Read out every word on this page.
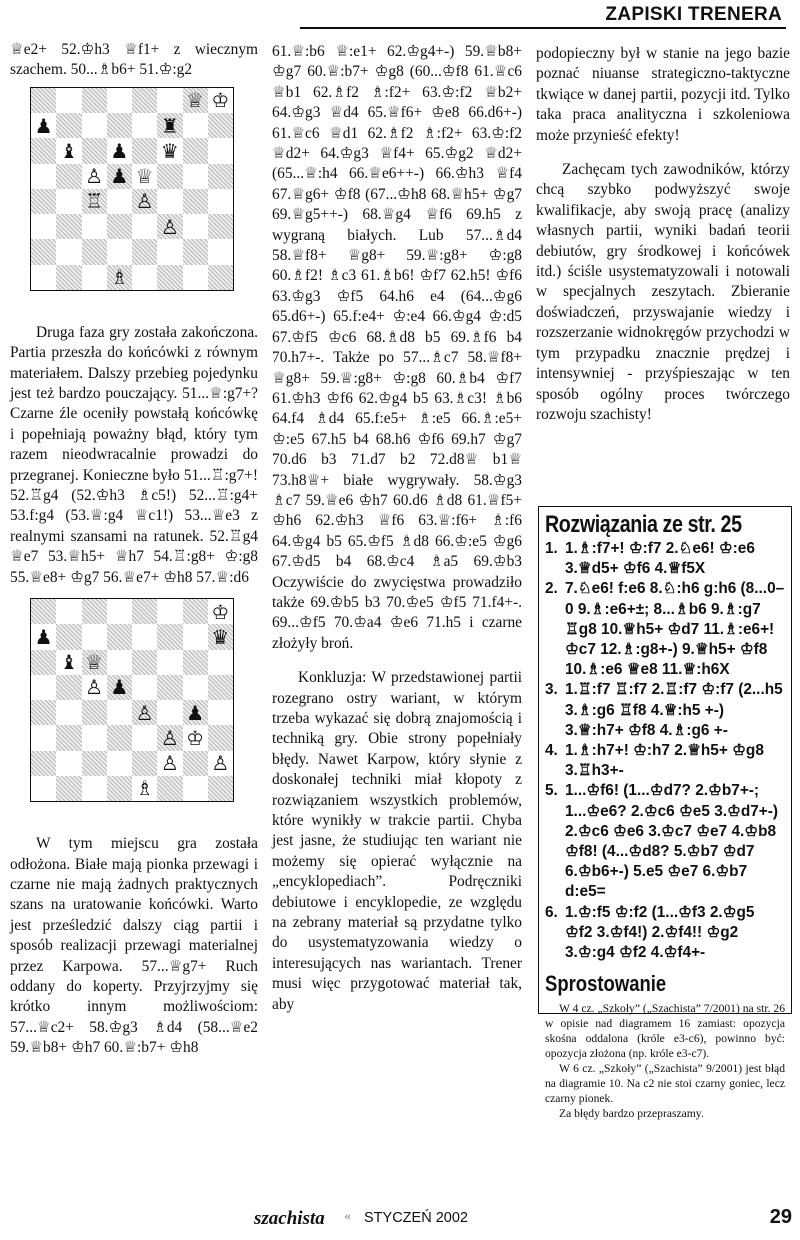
ZAPISKI TRENERA

♕e2+ 52.♔h3 ♕f1+ z wiecznym szachem. 50...♗b6+ 51.♔:g2

♕ ♔
♟	♜
♝ ♟ ♛
♙ ♟ ♕
♖ ♙
♙
♗

Druga faza gry została zakończona. Partia przeszła do końcówki z równym materiałem. Dalszy przebieg pojedynku jest też bardzo pouczający. 51...♕:g7+? Czarne źle oceniły powstałą końcówkę i popełniają poważny błąd, który tym razem nieodwracalnie prowadzi do przegranej. Konieczne było 51...♖:g7+! 52.♖g4 (52.♔h3 ♗c5!) 52...♖:g4+ 53.f:g4 (53.♕:g4 ♕c1!) 53...♕e3 z realnymi szansami na ratunek. 52.♖g4 ♕e7 53.♕h5+ ♕h7 54.♖:g8+ ♔:g8 55.♕e8+ ♔g7 56.♕e7+ ♔h8 57.♕:d6

♔
♟	♛
♝ ♕
♙ ♟
♙ ♟
♙ ♔
♙ ♙
♗

W tym miejscu gra została odłożona. Białe mają pionka przewagi i czarne nie mają żadnych praktycznych szans na uratowanie końcówki. Warto jest prześledzić dalszy ciąg partii i sposób realizacji przewagi materialnej przez Karpowa. 57...♕g7+ Ruch oddany do koperty. Przyjrzyjmy się krótko innym możliwościom: 57...♕c2+ 58.♔g3 ♗d4 (58...♕e2 59.♕b8+ ♔h7 60.♕:b7+ ♔h8

61.♕:b6 ♕:e1+ 62.♔g4+-) 59.♕b8+ ♔g7 60.♕:b7+ ♔g8 (60...♔f8 61.♕c6 ♕b1 62.♗f2 ♗:f2+ 63.♔:f2 ♕b2+ 64.♔g3 ♕d4 65.♕f6+ ♔e8 66.d6+-) 61.♕c6 ♕d1 62.♗f2 ♗:f2+ 63.♔:f2 ♕d2+ 64.♔g3 ♕f4+ 65.♔g2 ♕d2+ (65...♕:h4 66.♕e6++-) 66.♔h3 ♕f4 67.♕g6+ ♔f8 (67...♔h8 68.♕h5+ ♔g7 69.♕g5++-) 68.♕g4 ♕f6 69.h5 z wygraną białych. Lub 57...♗d4 58.♕f8+ ♕g8+ 59.♕:g8+ ♔:g8 60.♗f2! ♗c3 61.♗b6! ♔f7 62.h5! ♔f6 63.♔g3 ♔f5 64.h6 e4 (64...♔g6 65.d6+-) 65.f:e4+ ♔:e4 66.♔g4 ♔:d5 67.♔f5 ♔c6 68.♗d8 b5 69.♗f6 b4 70.h7+-. Także po 57...♗c7 58.♕f8+ ♕g8+ 59.♕:g8+ ♔:g8 60.♗b4 ♔f7 61.♔h3 ♔f6 62.♔g4 b5 63.♗c3! ♗b6 64.f4 ♗d4 65.f:e5+ ♗:e5 66.♗:e5+ ♔:e5 67.h5 b4 68.h6 ♔f6 69.h7 ♔g7 70.d6 b3 71.d7 b2 72.d8♕ b1♕ 73.h8♕+ białe wygrywały. 58.♔g3 ♗c7 59.♕e6 ♔h7 60.d6 ♗d8 61.♕f5+ ♔h6 62.♔h3 ♕f6 63.♕:f6+ ♗:f6 64.♔g4 b5 65.♔f5 ♗d8 66.♔:e5 ♔g6 67.♔d5 b4 68.♔c4 ♗a5 69.♔b3 Oczywiście do zwycięstwa prowadziło także 69.♔b5 b3 70.♔e5 ♔f5 71.f4+-. 69...♔f5 70.♔a4 ♔e6 71.h5 i czarne złożyły broń.

Konkluzja: W przedstawionej partii rozegrano ostry wariant, w którym trzeba wykazać się dobrą znajomością i techniką gry. Obie strony popełniały błędy. Nawet Karpow, który słynie z doskonałej techniki miał kłopoty z rozwiązaniem wszystkich problemów, które wynikły w trakcie partii. Chyba jest jasne, że studiując ten wariant nie możemy się opierać wyłącznie na „encyklopediach”. Podręczniki debiutowe i encyklopedie, ze względu na zebrany materiał są przydatne tylko do usystematyzowania wiedzy o interesujących nas wariantach. Trener musi więc przygotować materiał tak, aby

podopieczny był w stanie na jego bazie poznać niuanse strategiczno-taktyczne tkwiące w danej partii, pozycji itd. Tylko taka praca analityczna i szkoleniowa może przynieść efekty!

Zachęcam tych zawodników, którzy chcą szybko podwyższyć swoje kwalifikacje, aby swoją pracę (analizy własnych partii, wyniki badań teorii debiutów, gry środkowej i końcówek itd.) ściśle usystematyzowali i notowali w specjalnych zeszytach. Zbieranie doświadczeń, przyswajanie wiedzy i rozszerzanie widnokręgów przychodzi w tym przypadku znacznie prędzej i intensywniej - przyśpieszając w ten sposób ogólny proces twórczego rozwoju szachisty!

Rozwiązania ze str. 25
1. 1.♗:f7+! ♔:f7 2.♘e6! ♔:e6 3.♕d5+ ♔f6 4.♕f5X
2. 7.♘e6! f:e6 8.♘:h6 g:h6 (8...0–0 9.♗:e6+±; 8...♗b6 9.♗:g7 ♖g8 10.♕h5+ ♔d7 11.♗:e6+! ♔c7 12.♗:g8+-) 9.♕h5+ ♔f8 10.♗:e6 ♕e8 11.♕:h6X
3. 1.♖:f7 ♖:f7 2.♖:f7 ♔:f7 (2...h5 3.♗:g6 ♖f8 4.♕:h5 +-) 3.♕:h7+ ♔f8 4.♗:g6 +-
4. 1.♗:h7+! ♔:h7 2.♕h5+ ♔g8 3.♖h3+-
5. 1...♔f6! (1...♔d7? 2.♔b7+-; 1...♔e6? 2.♔c6 ♔e5 3.♔d7+-) 2.♔c6 ♔e6 3.♔c7 ♔e7 4.♔b8 ♔f8! (4...♔d8? 5.♔b7 ♔d7 6.♔b6+-) 5.e5 ♔e7 6.♔b7 d:e5=
6. 1.♔:f5 ♔:f2 (1...♔f3 2.♔g5 ♔f2 3.♔f4!) 2.♔f4!! ♔g2 3.♔:g4 ♔f2 4.♔f4+-
Sprostowanie

W 4 cz. „Szkoły” („Szachista” 7/2001) na str. 26 w opisie nad diagramem 16 zamiast: opozycja skośna oddalona (króle e3-c6), powinno być: opozycja złożona (np. króle e3-c7).

W 6 cz. „Szkoły” („Szachista” 9/2001) jest błąd na diagramie 10. Na c2 nie stoi czarny goniec, lecz czarny pionek.

Za błędy bardzo przepraszamy.

szachista « STYCZEŃ 2002	29
